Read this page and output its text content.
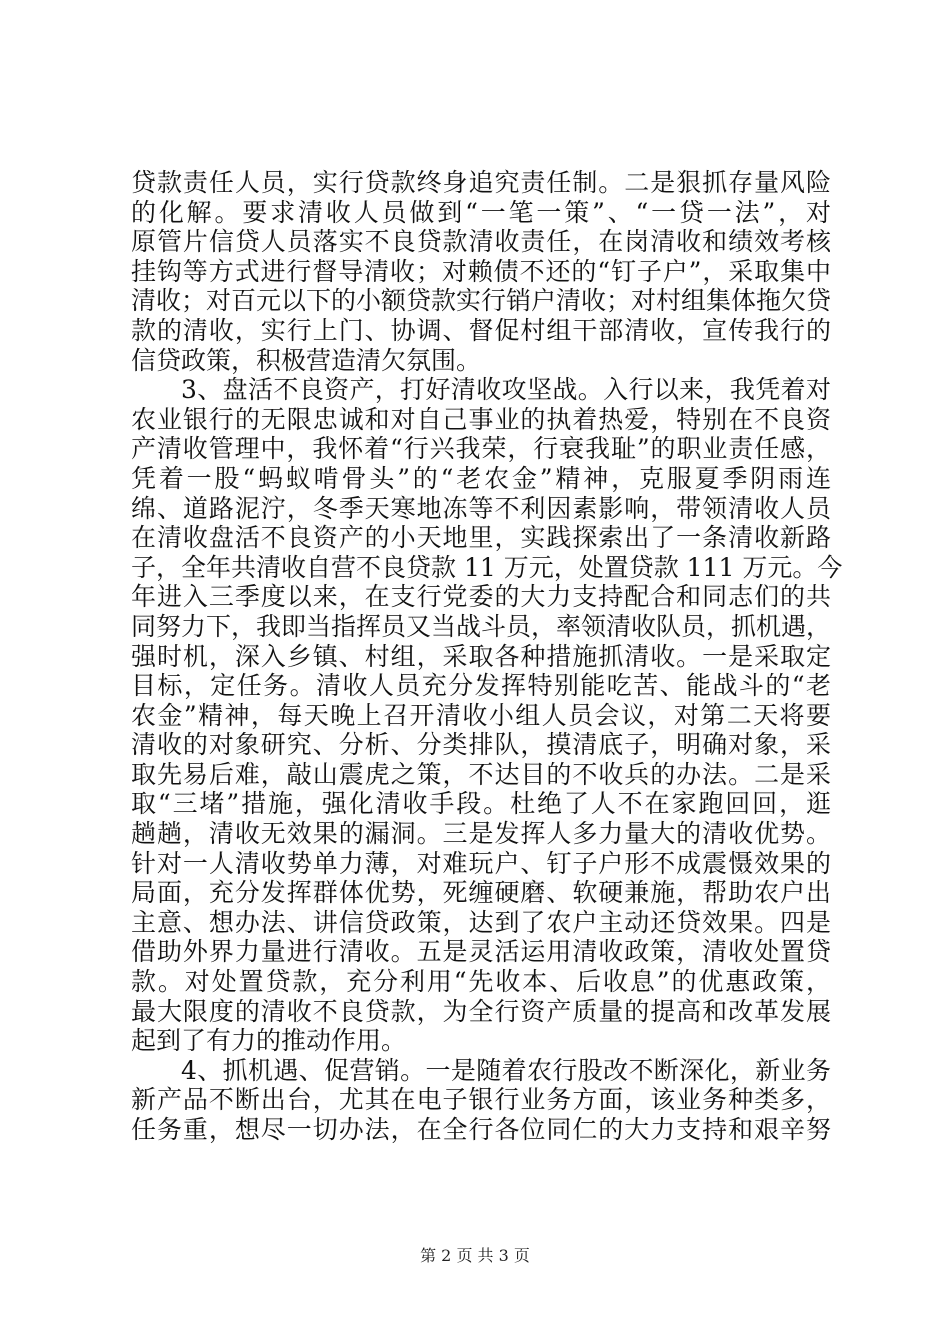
贷款责任人员，实行贷款终身追究责任制。二是狠抓存量风险
的化解。要求清收人员做到“一笔一策”、“一贷一法”，对
原管片信贷人员落实不良贷款清收责任，在岗清收和绩效考核
挂钩等方式进行督导清收；对赖债不还的“钉子户”，采取集中
清收；对百元以下的小额贷款实行销户清收；对村组集体拖欠贷
款的清收，实行上门、协调、督促村组干部清收，宣传我行的
信贷政策，积极营造清欠氛围。
3、盘活不良资产，打好清收攻坚战。入行以来，我凭着对
农业银行的无限忠诚和对自己事业的执着热爱，特别在不良资
产清收管理中，我怀着“行兴我荣，行衰我耻”的职业责任感，
凭着一股“蚂蚁啃骨头”的“老农金”精神，克服夏季阴雨连
绵、道路泥泞，冬季天寒地冻等不利因素影响，带领清收人员
在清收盘活不良资产的小天地里，实践探索出了一条清收新路
子，全年共清收自营不良贷款 11 万元，处置贷款 111 万元。今
年进入三季度以来，在支行党委的大力支持配合和同志们的共
同努力下，我即当指挥员又当战斗员，率领清收队员，抓机遇，
强时机，深入乡镇、村组，采取各种措施抓清收。一是采取定
目标，定任务。清收人员充分发挥特别能吃苦、能战斗的“老
农金”精神，每天晚上召开清收小组人员会议，对第二天将要
清收的对象研究、分析、分类排队，摸清底子，明确对象，采
取先易后难，敲山震虎之策，不达目的不收兵的办法。二是采
取“三堵”措施，强化清收手段。杜绝了人不在家跑回回，逛
趟趟，清收无效果的漏洞。三是发挥人多力量大的清收优势。
针对一人清收势单力薄，对难玩户、钉子户形不成震慑效果的
局面，充分发挥群体优势，死缠硬磨、软硬兼施，帮助农户出
主意、想办法、讲信贷政策，达到了农户主动还贷效果。四是
借助外界力量进行清收。五是灵活运用清收政策，清收处置贷
款。对处置贷款，充分利用“先收本、后收息”的优惠政策，
最大限度的清收不良贷款，为全行资产质量的提高和改革发展
起到了有力的推动作用。
4、抓机遇、促营销。一是随着农行股改不断深化，新业务
新产品不断出台，尤其在电子银行业务方面，该业务种类多，
任务重，想尽一切办法，在全行各位同仁的大力支持和艰辛努
第 2 页 共 3 页
